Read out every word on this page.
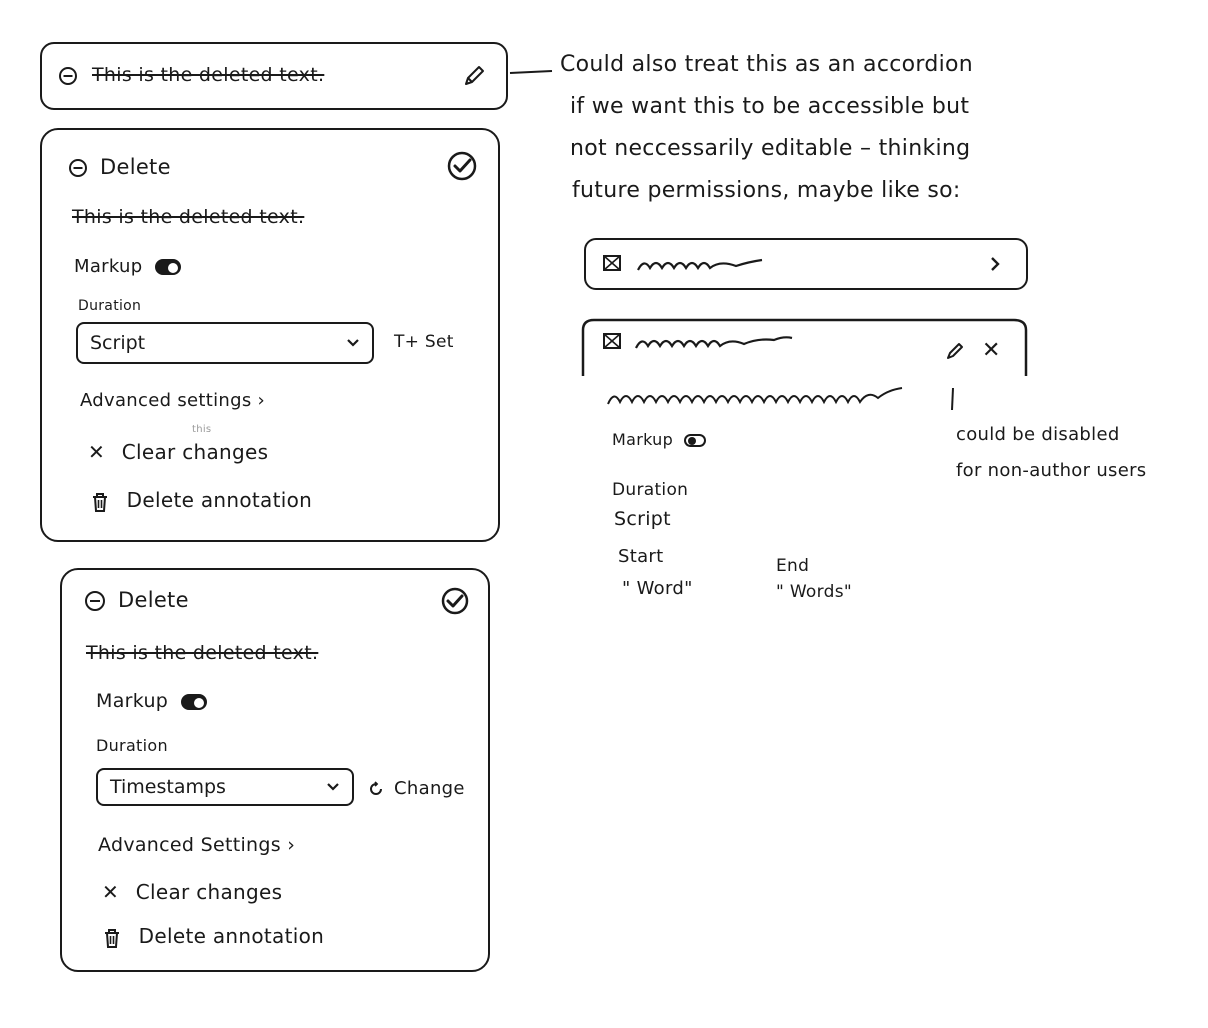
This is the deleted text.
Delete
This is the deleted text.
Markup
Duration
Script	T+ Set
Advanced settings ›
this
✕ Clear changes
Delete annotation
Delete
This is the deleted text.
Markup
Duration
Timestamps	Change
Advanced Settings ›
✕ Clear changes
Delete annotation
Could also treat this as an accordion
if we want this to be accessible but
not neccessarily editable – thinking
future permissions, maybe like so:
✕
Markup
Duration
Script
Start
" Word"
End
" Words"
could be disabled
for non-author users
